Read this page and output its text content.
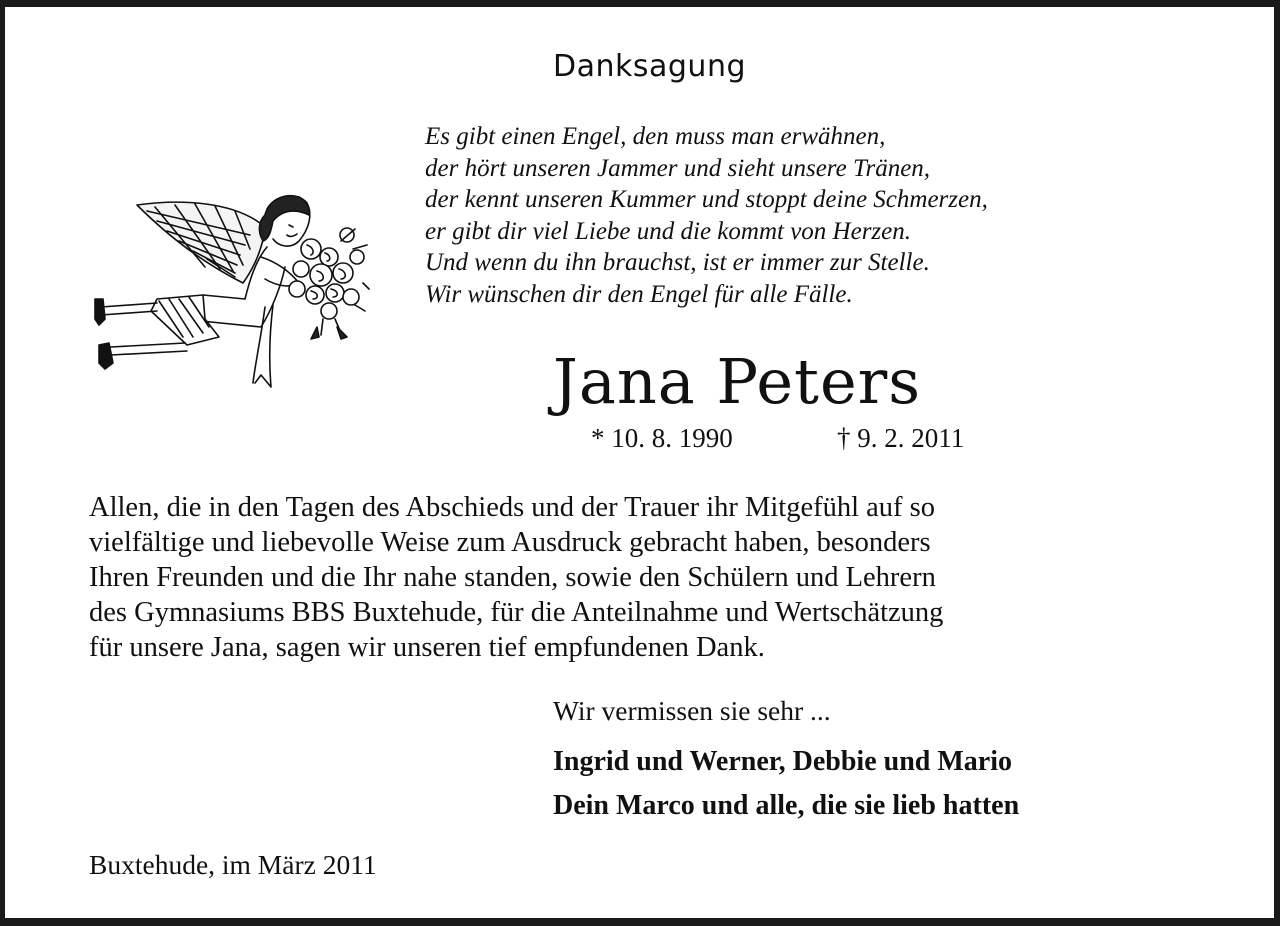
Danksagung
Es gibt einen Engel, den muss man erwähnen,
der hört unseren Jammer und sieht unsere Tränen,
der kennt unseren Kummer und stoppt deine Schmerzen,
er gibt dir viel Liebe und die kommt von Herzen.
Und wenn du ihn brauchst, ist er immer zur Stelle.
Wir wünschen dir den Engel für alle Fälle.
Jana Peters
* 10. 8. 1990	† 9. 2. 2011
Allen, die in den Tagen des Abschieds und der Trauer ihr Mitgefühl auf so
vielfältige und liebevolle Weise zum Ausdruck gebracht haben, besonders
Ihren Freunden und die Ihr nahe standen, sowie den Schülern und Lehrern
des Gymnasiums BBS Buxtehude, für die Anteilnahme und Wertschätzung
für unsere Jana, sagen wir unseren tief empfundenen Dank.
Wir vermissen sie sehr ...
Ingrid und Werner, Debbie und Mario
Dein Marco und alle, die sie lieb hatten
Buxtehude, im März 2011
